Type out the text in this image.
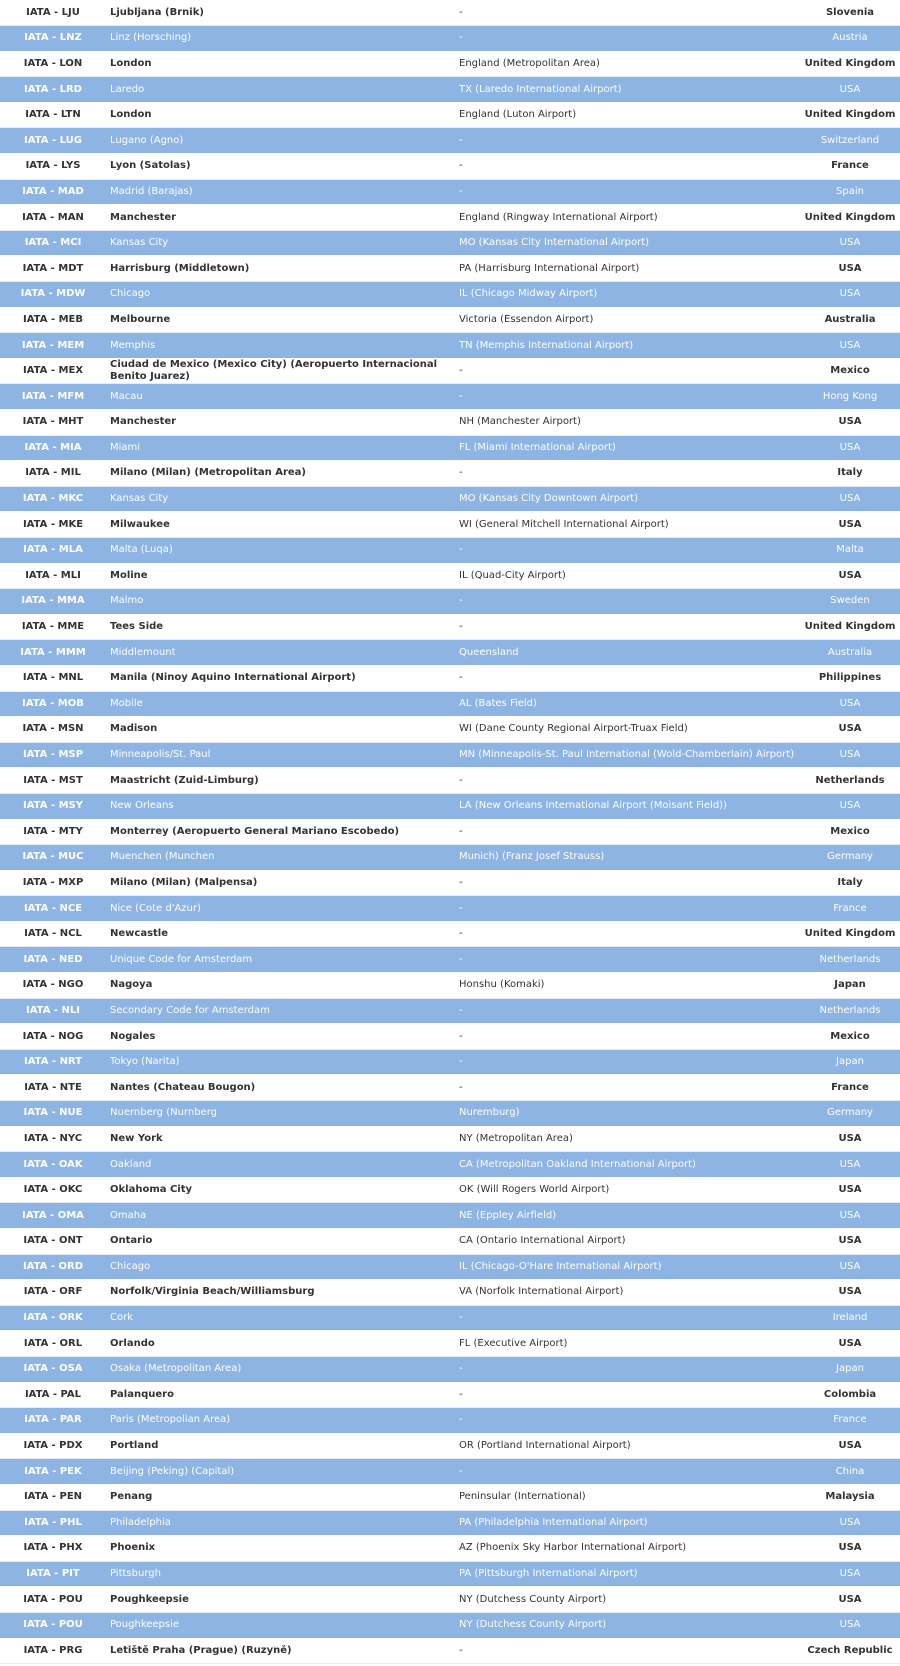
IATA - LJU	Ljubljana (Brnik)	-	Slovenia
IATA - LNZ	Linz (Horsching)	-	Austria
IATA - LON	London	England (Metropolitan Area)	United Kingdom
IATA - LRD	Laredo	TX (Laredo International Airport)	USA
IATA - LTN	London	England (Luton Airport)	United Kingdom
IATA - LUG	Lugano (Agno)	-	Switzerland
IATA - LYS	Lyon (Satolas)	-	France
IATA - MAD	Madrid (Barajas)	-	Spain
IATA - MAN	Manchester	England (Ringway International Airport)	United Kingdom
IATA - MCI	Kansas City	MO (Kansas City International Airport)	USA
IATA - MDT	Harrisburg (Middletown)	PA (Harrisburg International Airport)	USA
IATA - MDW	Chicago	IL (Chicago Midway Airport)	USA
IATA - MEB	Melbourne	Victoria (Essendon Airport)	Australia
IATA - MEM	Memphis	TN (Memphis International Airport)	USA
IATA - MEX	Ciudad de Mexico (Mexico City) (Aeropuerto Internacional Benito Juarez)	-	Mexico
IATA - MFM	Macau	-	Hong Kong
IATA - MHT	Manchester	NH (Manchester Airport)	USA
IATA - MIA	Miami	FL (Miami International Airport)	USA
IATA - MIL	Milano (Milan) (Metropolitan Area)	-	Italy
IATA - MKC	Kansas City	MO (Kansas City Downtown Airport)	USA
IATA - MKE	Milwaukee	WI (General Mitchell International Airport)	USA
IATA - MLA	Malta (Luqa)	-	Malta
IATA - MLI	Moline	IL (Quad-City Airport)	USA
IATA - MMA	Malmo	-	Sweden
IATA - MME	Tees Side	-	United Kingdom
IATA - MMM	Middlemount	Queensland	Australia
IATA - MNL	Manila (Ninoy Aquino International Airport)	-	Philippines
IATA - MOB	Mobile	AL (Bates Field)	USA
IATA - MSN	Madison	WI (Dane County Regional Airport-Truax Field)	USA
IATA - MSP	Minneapolis/St. Paul	MN (Minneapolis-St. Paul International (Wold-Chamberlain) Airport)	USA
IATA - MST	Maastricht (Zuid-Limburg)	-	Netherlands
IATA - MSY	New Orleans	LA (New Orleans International Airport (Moisant Field))	USA
IATA - MTY	Monterrey (Aeropuerto General Mariano Escobedo)	-	Mexico
IATA - MUC	Muenchen (Munchen	Munich) (Franz Josef Strauss)	Germany
IATA - MXP	Milano (Milan) (Malpensa)	-	Italy
IATA - NCE	Nice (Cote d'Azur)	-	France
IATA - NCL	Newcastle	-	United Kingdom
IATA - NED	Unique Code for Amsterdam	-	Netherlands
IATA - NGO	Nagoya	Honshu (Komaki)	Japan
IATA - NLI	Secondary Code for Amsterdam	-	Netherlands
IATA - NOG	Nogales	-	Mexico
IATA - NRT	Tokyo (Narita)	-	Japan
IATA - NTE	Nantes (Chateau Bougon)	-	France
IATA - NUE	Nuernberg (Nurnberg	Nuremburg)	Germany
IATA - NYC	New York	NY (Metropolitan Area)	USA
IATA - OAK	Oakland	CA (Metropolitan Oakland International Airport)	USA
IATA - OKC	Oklahoma City	OK (Will Rogers World Airport)	USA
IATA - OMA	Omaha	NE (Eppley Airfield)	USA
IATA - ONT	Ontario	CA (Ontario International Airport)	USA
IATA - ORD	Chicago	IL (Chicago-O'Hare International Airport)	USA
IATA - ORF	Norfolk/Virginia Beach/Williamsburg	VA (Norfolk International Airport)	USA
IATA - ORK	Cork	-	Ireland
IATA - ORL	Orlando	FL (Executive Airport)	USA
IATA - OSA	Osaka (Metropolitan Area)	-	Japan
IATA - PAL	Palanquero	-	Colombia
IATA - PAR	Paris (Metropolian Area)	-	France
IATA - PDX	Portland	OR (Portland International Airport)	USA
IATA - PEK	Beijing (Peking) (Capital)	-	China
IATA - PEN	Penang	Peninsular (International)	Malaysia
IATA - PHL	Philadelphia	PA (Philadelphia International Airport)	USA
IATA - PHX	Phoenix	AZ (Phoenix Sky Harbor International Airport)	USA
IATA - PIT	Pittsburgh	PA (Pittsburgh International Airport)	USA
IATA - POU	Poughkeepsie	NY (Dutchess County Airport)	USA
IATA - POU	Poughkeepsie	NY (Dutchess County Airport)	USA
IATA - PRG	Letiště Praha (Prague) (Ruzyně)	-	Czech Republic
